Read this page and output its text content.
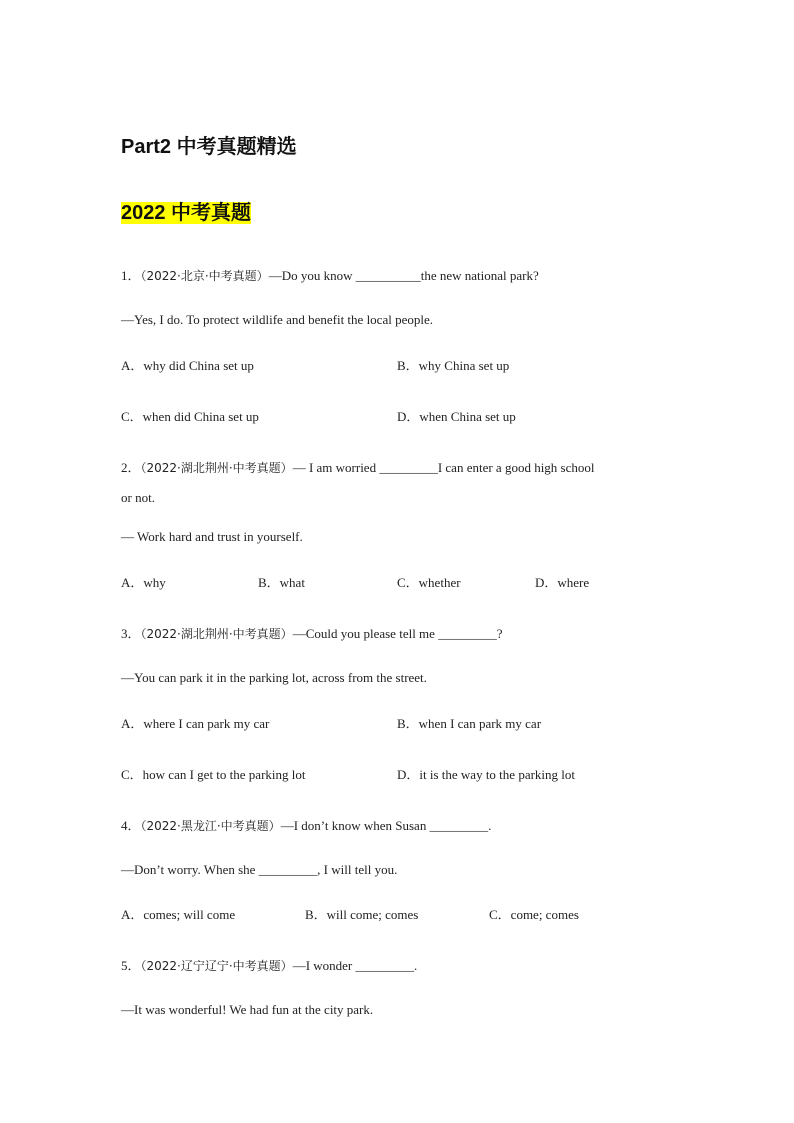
Part2 中考真题精选
2022 中考真题
1．（2022·北京·中考真题）—Do you know __________the new national park?
—Yes, I do. To protect wildlife and benefit the local people.
A．why did China set up	B．why China set up
C．when did China set up	D．when China set up
2．（2022·湖北荆州·中考真题）— I am worried _________I can enter a good high school
or not.
— Work hard and trust in yourself.
A．why	B．what	C．whether	D．where
3．（2022·湖北荆州·中考真题）—Could you please tell me _________?
—You can park it in the parking lot, across from the street.
A．where I can park my car	B．when I can park my car
C．how can I get to the parking lot	D．it is the way to the parking lot
4．（2022·黑龙江·中考真题）—I don’t know when Susan _________.
—Don’t worry. When she _________, I will tell you.
A．comes; will come	B．will come; comes	C．come; comes
5．（2022·辽宁辽宁·中考真题）—I wonder _________.
—It was wonderful! We had fun at the city park.
